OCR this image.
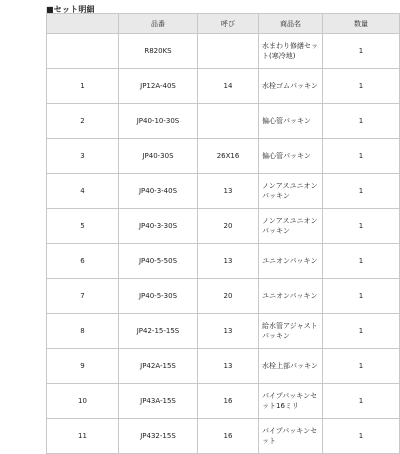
■セット明細
	品番	呼び	商品名	数量
	R820KS		水まわり修繕セット(寒冷地)	1
1	JP12A-40S	14	水栓ゴムパッキン	1
2	JP40-10-30S		偏心管パッキン	1
3	JP40-30S	26X16	偏心管パッキン	1
4	JP40-3-40S	13	ノンアスユニオンパッキン	1
5	JP40-3-30S	20	ノンアスユニオンパッキン	1
6	JP40-5-50S	13	ユニオンパッキン	1
7	JP40-5-30S	20	ユニオンパッキン	1
8	JP42-15-15S	13	給水管アジャストパッキン	1
9	JP42A-15S	13	水栓上部パッキン	1
10	JP43A-15S	16	パイプパッキンセット16ミリ	1
11	JP432-15S	16	パイプパッキンセット	1
